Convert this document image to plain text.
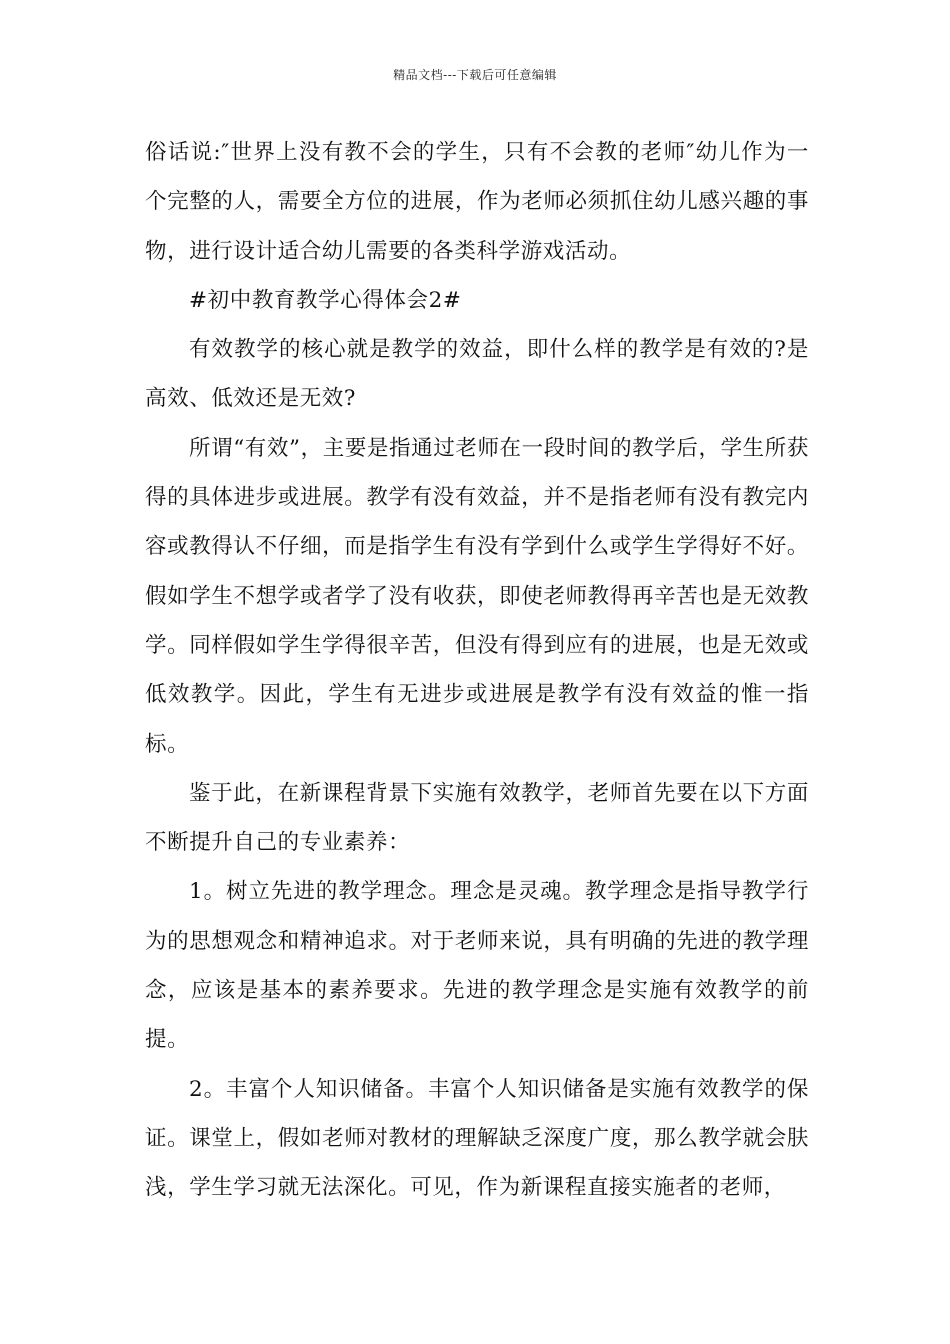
精品文档---下载后可任意编辑

俗话说:″世界上没有教不会的学生，只有不会教的老师″幼儿作为一个完整的人，需要全方位的进展，作为老师必须抓住幼儿感兴趣的事物，进行设计适合幼儿需要的各类科学游戏活动。

#初中教育教学心得体会2#

有效教学的核心就是教学的效益，即什么样的教学是有效的?是高效、低效还是无效?

所谓“有效”，主要是指通过老师在一段时间的教学后，学生所获得的具体进步或进展。教学有没有效益，并不是指老师有没有教完内容或教得认不仔细，而是指学生有没有学到什么或学生学得好不好。假如学生不想学或者学了没有收获，即使老师教得再辛苦也是无效教学。同样假如学生学得很辛苦，但没有得到应有的进展，也是无效或低效教学。因此，学生有无进步或进展是教学有没有效益的惟一指标。

鉴于此，在新课程背景下实施有效教学，老师首先要在以下方面不断提升自己的专业素养：

1。树立先进的教学理念。理念是灵魂。教学理念是指导教学行为的思想观念和精神追求。对于老师来说，具有明确的先进的教学理念，应该是基本的素养要求。先进的教学理念是实施有效教学的前提。

2。丰富个人知识储备。丰富个人知识储备是实施有效教学的保证。课堂上，假如老师对教材的理解缺乏深度广度，那么教学就会肤浅，学生学习就无法深化。可见，作为新课程直接实施者的老师，
